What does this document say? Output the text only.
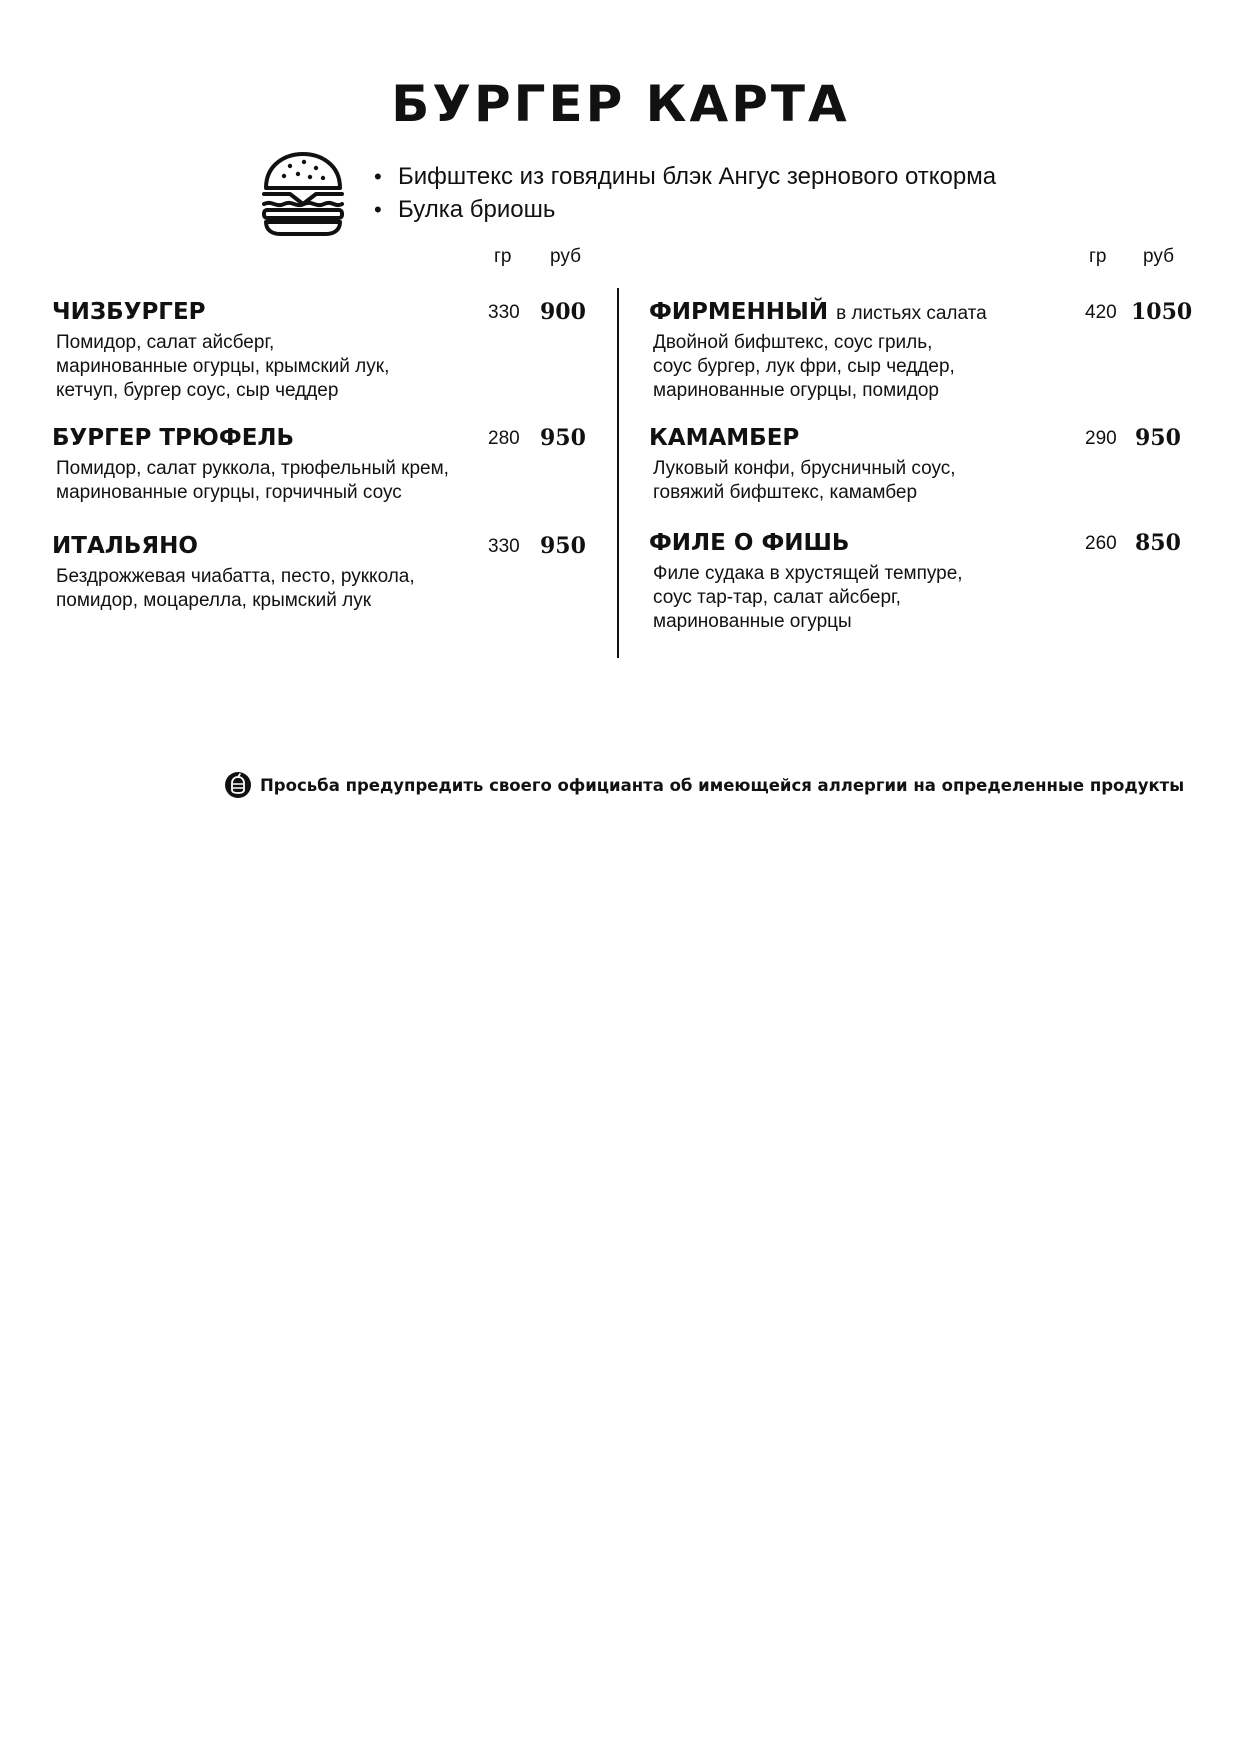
БУРГЕР КАРТА
• Бифштекс из говядины блэк Ангус зернового откорма
• Булка бриошь
гр руб	гр руб
ЧИЗБУРГЕР	330 900

Помидор, салат айсберг,
маринованные огурцы, крымский лук,
кетчуп, бургер соус, сыр чеддер

БУРГЕР ТРЮФЕЛЬ	280 950

Помидор, салат руккола, трюфельный крем,
маринованные огурцы, горчичный соус

ИТАЛЬЯНО	330 950

Бездрожжевая чиабатта, песто, руккола,
помидор, моцарелла, крымский лук

ФИРМЕННЫЙ в листьях салата	420 1050

Двойной бифштекс, соус гриль,
соус бургер, лук фри, сыр чеддер,
маринованные огурцы, помидор

КАМАМБЕР	290 950

Луковый конфи, брусничный соус,
говяжий бифштекс, камамбер

ФИЛЕ О ФИШЬ	260 850

Филе судака в хрустящей темпуре,
соус тар-тар, салат айсберг,
маринованные огурцы

Просьба предупредить своего официанта об имеющейся аллергии на определенные продукты
